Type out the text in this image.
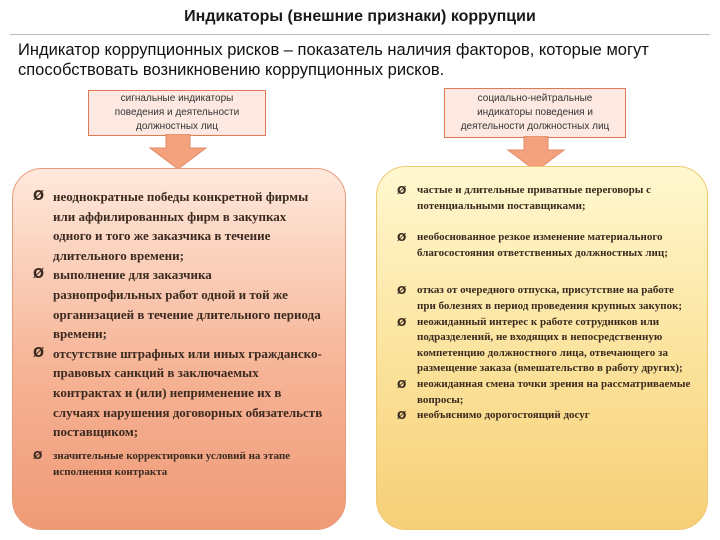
Индикаторы (внешние признаки) коррупции
Индикатор коррупционных рисков – показатель наличия факторов, которые могут способствовать возникновению коррупционных рисков.
сигнальные индикаторы поведения и деятельности должностных лиц
социально-нейтральные индикаторы поведения и деятельности должностных лиц
Ø неоднократные победы конкретной фирмы или аффилированных фирм в закупках одного и того же заказчика в течение длительного времени;
Ø выполнение для заказчика разнопрофильных работ одной и той же организацией в течение длительного периода времени;
Ø отсутствие штрафных или иных гражданско-правовых санкций в заключаемых контрактах и (или) неприменение их в случаях нарушения договорных обязательств поставщиком;
Ø значительные корректировки условий на этапе исполнения контракта
Ø частые и длительные приватные переговоры с потенциальными поставщиками;
Ø необоснованное резкое изменение материального благосостояния ответственных должностных лиц;
Ø отказ от очередного отпуска, присутствие на работе при болезнях в период проведения крупных закупок;
Ø неожиданный интерес к работе сотрудников или подразделений, не входящих в непосредственную компетенцию должностного лица, отвечающего за размещение заказа (вмешательство в работу других);
Ø неожиданная смена точки зрения на рассматриваемые вопросы;
Ø необъяснимо дорогостоящий досуг
